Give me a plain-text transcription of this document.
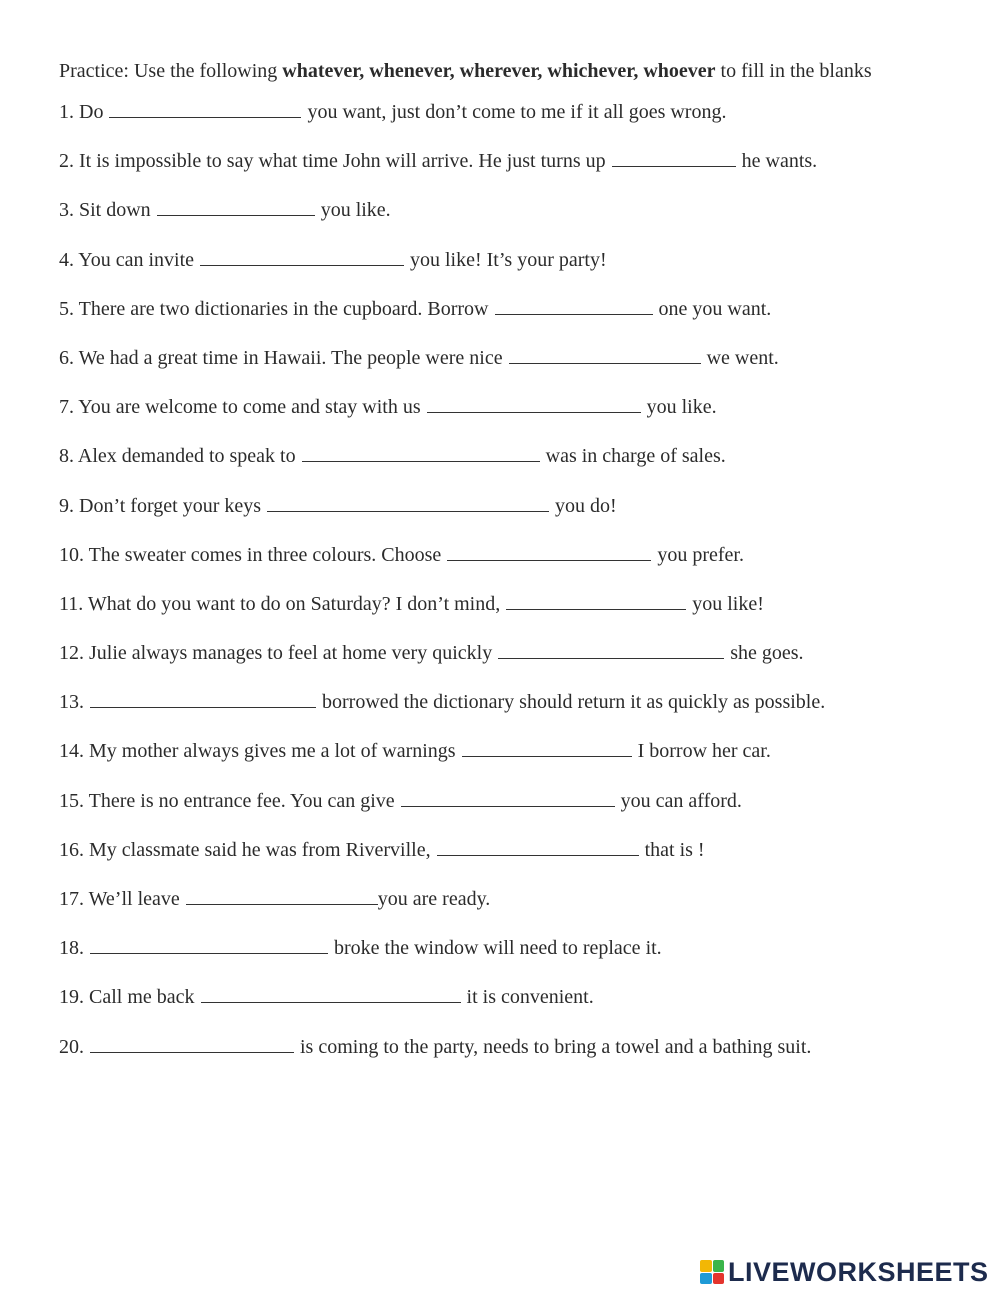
Practice: Use the following whatever, whenever, wherever, whichever, whoever to fill in the blanks

1. Do	you want, just don’t come to me if it all goes wrong.
2. It is impossible to say what time John will arrive. He just turns up	he wants.
3. Sit down	you like.
4. You can invite	you like! It’s your party!
5. There are two dictionaries in the cupboard. Borrow	one you want.
6. We had a great time in Hawaii. The people were nice	we went.
7. You are welcome to come and stay with us	you like.
8. Alex demanded to speak to	was in charge of sales.
9. Don’t forget your keys	you do!
10. The sweater comes in three colours. Choose	you prefer.
11. What do you want to do on Saturday? I don’t mind,	you like!
12. Julie always manages to feel at home very quickly	she goes.
13.	borrowed the dictionary should return it as quickly as possible.
14. My mother always gives me a lot of warnings	I borrow her car.
15. There is no entrance fee. You can give	you can afford.
16. My classmate said he was from Riverville,	that is !
17. We’ll leave	you are ready.
18.	broke the window will need to replace it.
19. Call me back	it is convenient.
20.	is coming to the party, needs to bring a towel and a bathing suit.
LIVEWORKSHEETS
